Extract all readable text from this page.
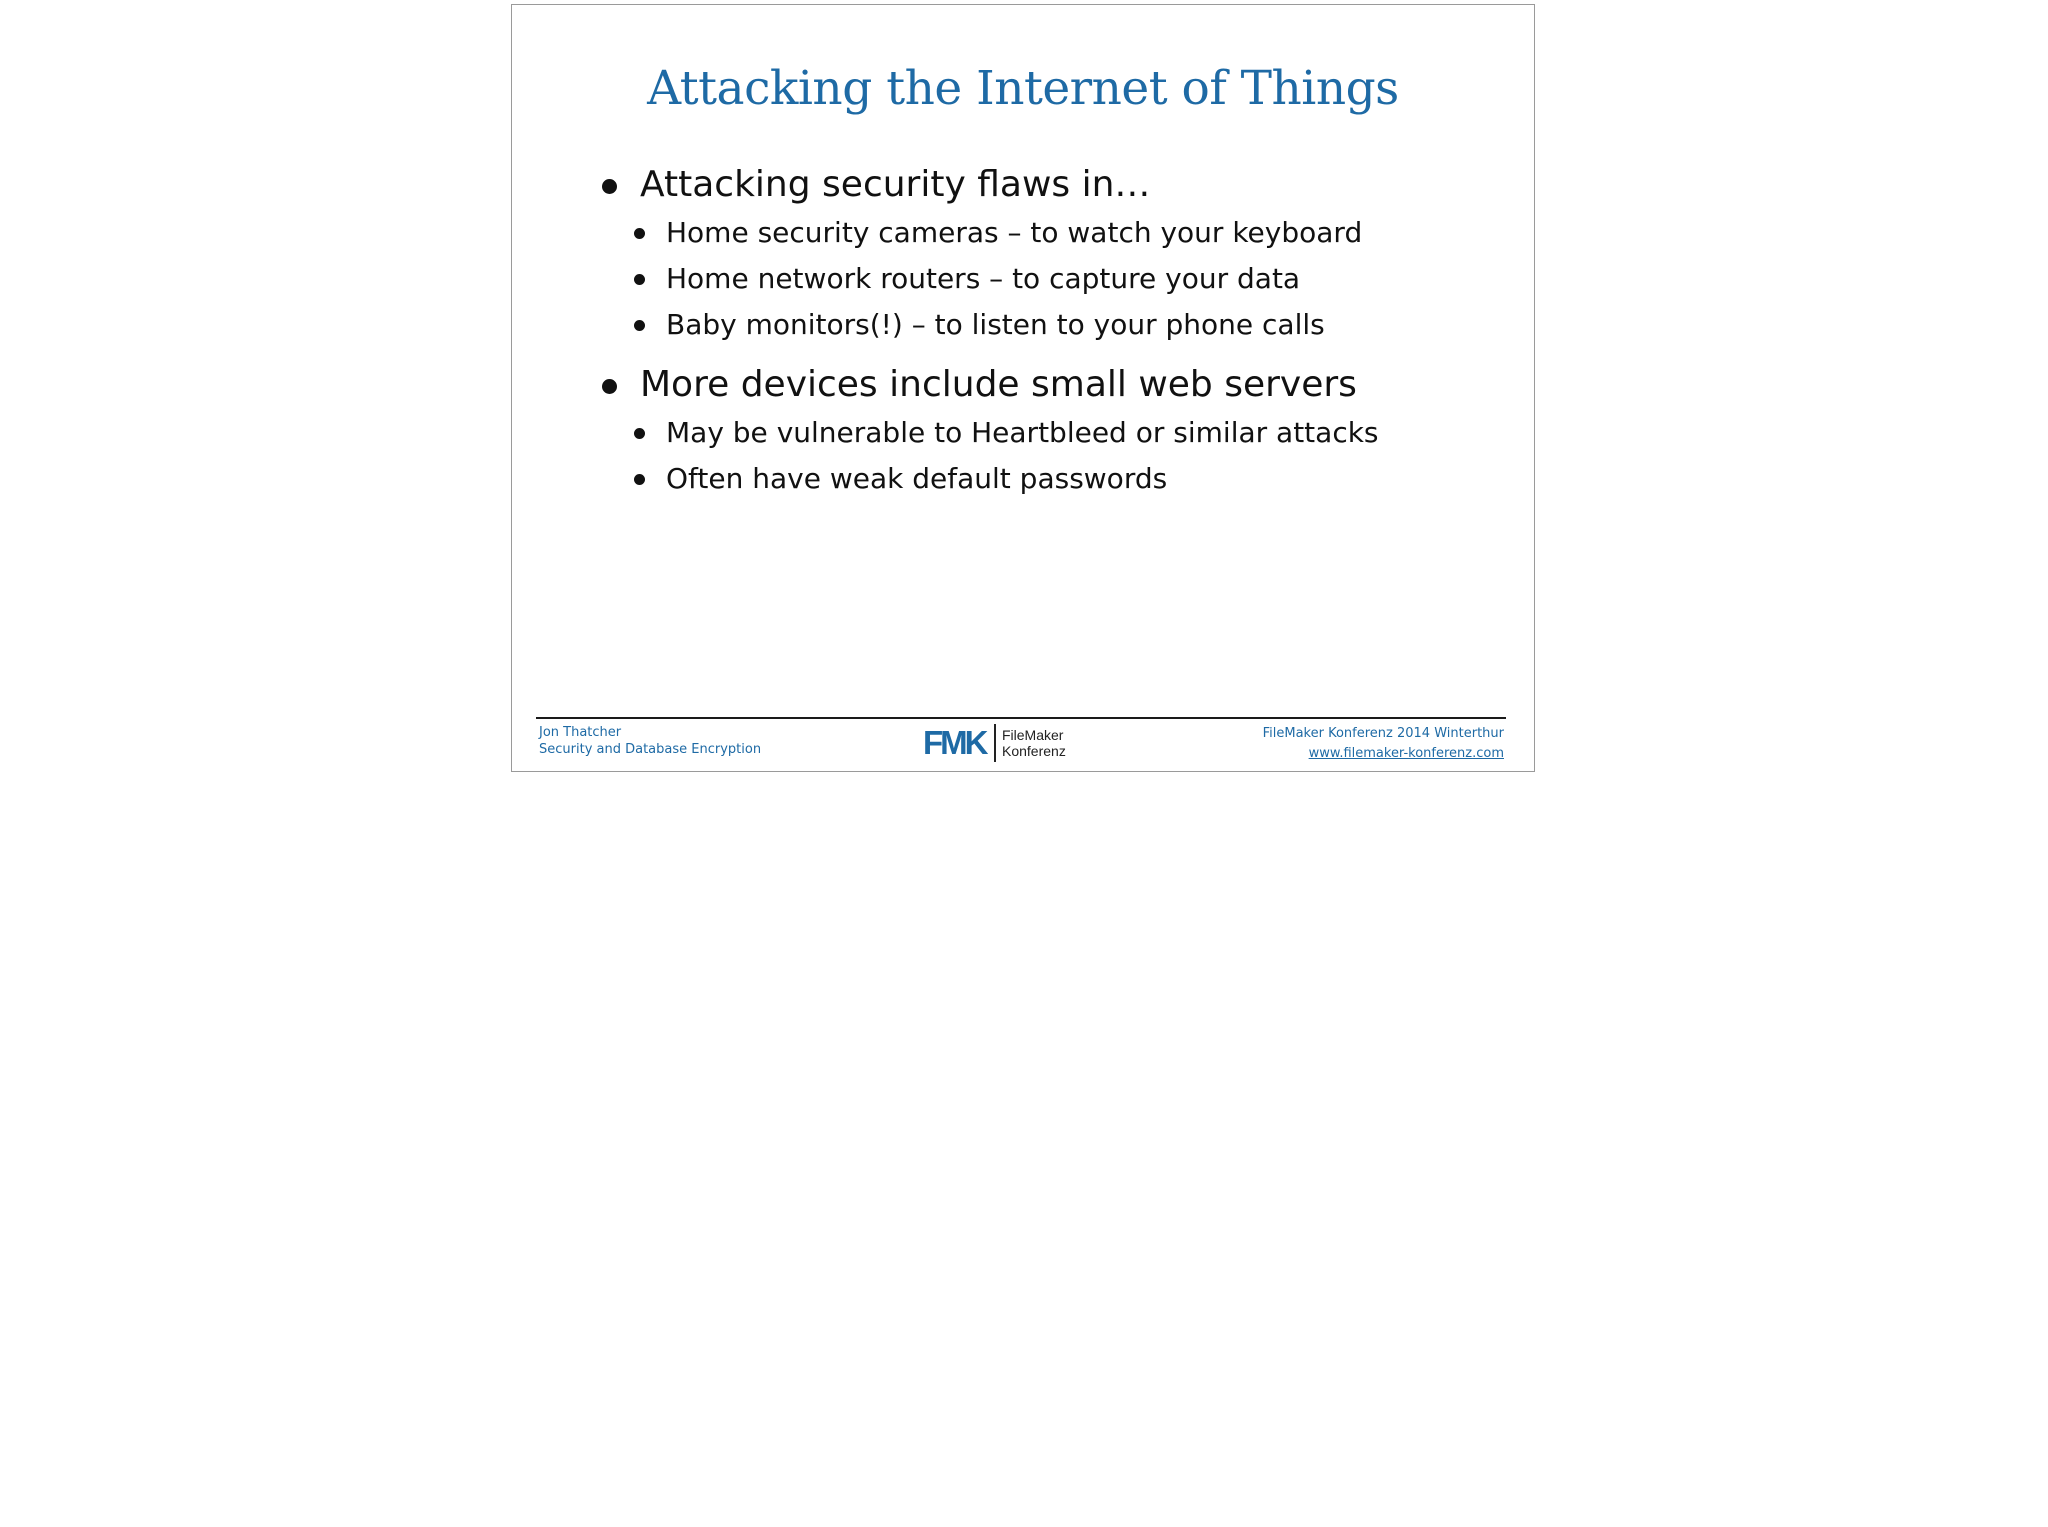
Attacking the Internet of Things
Attacking security flaws in…
Home security cameras – to watch your keyboard
Home network routers – to capture your data
Baby monitors(!) – to listen to your phone calls
More devices include small web servers
May be vulnerable to Heartbleed or similar attacks
Often have weak default passwords
Jon Thatcher
Security and Database Encryption	FMK FileMaker
Konferenz
FileMaker Konferenz 2014 Winterthur
www.filemaker-konferenz.com
